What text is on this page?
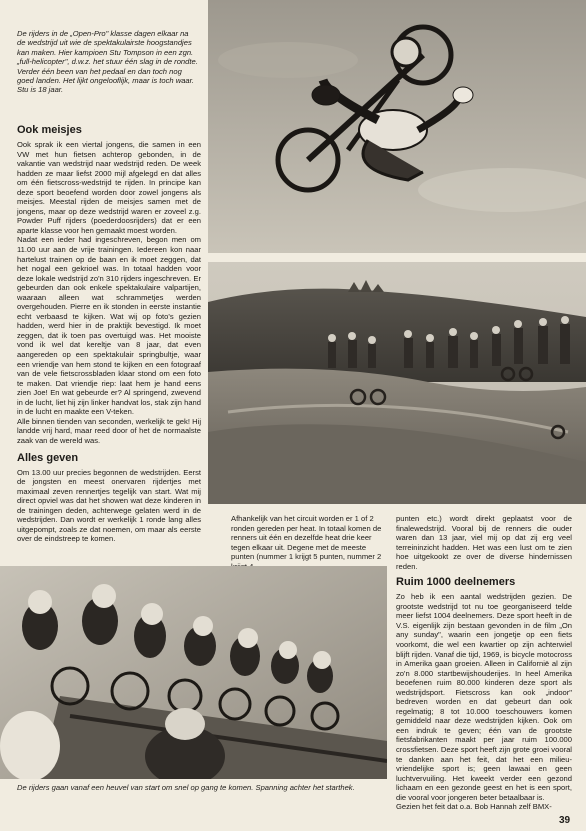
De rijders in de „Open-Pro" klasse dagen elkaar na de wedstrijd uit wie de spektakulairste hoogstandjes kan maken. Hier kampioen Stu Tompson in een zgn. „full-helicopter", d.w.z. het stuur één slag in de rondte. Verder één been van het pedaal en dan toch nog goed landen. Het lijkt ongelooflijk, maar is toch waar. Stu is 18 jaar.
Ook meisjes

Ook sprak ik een viertal jongens, die samen in een VW met hun fietsen achterop gebonden, in de vakantie van wedstrijd naar wedstrijd reden. De week hadden ze maar liefst 2000 mijl afgelegd en dat alles om één fietscross-wedstrijd te rijden. In principe kan deze sport beoefend worden door zowel jongens als meisjes. Meestal rijden de meisjes samen met de jongens, maar op deze wedstrijd waren er zoveel z.g. Powder Puff rijders (poederdoosrijders) dat er een aparte klasse voor hen gemaakt moest worden.

Nadat een ieder had ingeschreven, begon men om 11.00 uur aan de vrije trainingen. Iedereen kon naar hartelust trainen op de baan en ik moet zeggen, dat het nogal een gekrioel was. In totaal hadden voor deze lokale wedstrijd zo'n 310 rijders ingeschreven. Er gebeurden dan ook enkele spektakulaire valpartijen, waaraan alleen wat schrammetjes werden overgehouden. Pierre en ik stonden in eerste instantie echt verbaasd te kijken. Wat wij op foto's gezien hadden, werd hier in de praktijk bevestigd. Ik moet zeggen, dat ik toen pas overtuigd was. Het mooiste vond ik wel dat kereltje van 8 jaar, dat even aangereden op een spektakulair springbultje, waar een vriendje van hem stond te kijken en een fotograaf van de vele fietscrossbladen klaar stond om een foto te maken. Dat vriendje riep: laat hem je hand eens zien Joe! En wat gebeurde er? Al springend, zwevend in de lucht, liet hij zijn linker handvat los, stak zijn hand in de lucht en maakte een V-teken.

Alle binnen tienden van seconden, werkelijk te gek! Hij landde vrij hard, maar reed door of het de normaalste zaak van de wereld was.

Alles geven

Om 13.00 uur precies begonnen de wedstrijden. Eerst de jongsten en meest onervaren rijdertjes met maximaal zeven rennertjes tegelijk van start. Wat mij direct opviel was dat het showen wat deze kinderen in de trainingen deden, achterwege gelaten werd in de wedstrijden. Dan wordt er werkelijk 1 ronde lang alles uitgepompt, zoals ze dat noemen, om maar als eerste over de eindstreep te komen.

Afhankelijk van het circuit worden er 1 of 2 ronden gereden per heat. In totaal komen de renners uit één en dezelfde heat drie keer tegen elkaar uit. Degene met de meeste punten (nummer 1 krijgt 5 punten, nummer 2

punten etc.) wordt direkt geplaatst voor de finalewedstrijd. Vooral bij de renners die ouder waren dan 13 jaar, viel mij op dat zij erg veel terreininzicht hadden. Het was een lust om te zien hoe uitgekookt ze over de diverse hindernissen reden.

Ruim 1000 deelnemers

Zo heb ik een aantal wedstrijden gezien. De grootste wedstrijd tot nu toe georganiseerd telde meer liefst 1004 deelnemers. Deze sport heeft in de V.S. eigenlijk zijn bestaan gevonden in de film „On any sunday", waarin een jongetje op een fiets voorkomt, die wel een kwartier op zijn achterwiel blijft rijden. Vanaf die tijd, 1969, is bicycle motocross in Amerika gaan groeien. Alleen in Californië al zijn zo'n 8.000 startbewijshouderijes. In heel Amerika beoefenen ruim 80.000 kinderen deze sport als wedstrijdsport. Fietscross kan ook „indoor" bedreven worden en dat gebeurt dan ook regelmatig; 8 tot 10.000 toeschouwers komen gemiddeld naar deze wedstrijden kijken. Ook om een indruk te geven; één van de grootste fietsfabrikanten maakt per jaar ruim 100.000 crossfietsen. Deze sport heeft zijn grote groei vooral te danken aan het feit, dat het een milieu-vriendelijke sport is; geen lawaai en geen luchtvervuiling. Het kweekt verder een gezond lichaam en een gezonde geest en het is een sport, die vooral voor jongeren beter betaalbaar is.

Gezien het feit dat o.a. Bob Hannah zelf BMX-

De rijders gaan vanaf een heuvel van start om snel op gang te komen. Spanning achter het starthek.
39
